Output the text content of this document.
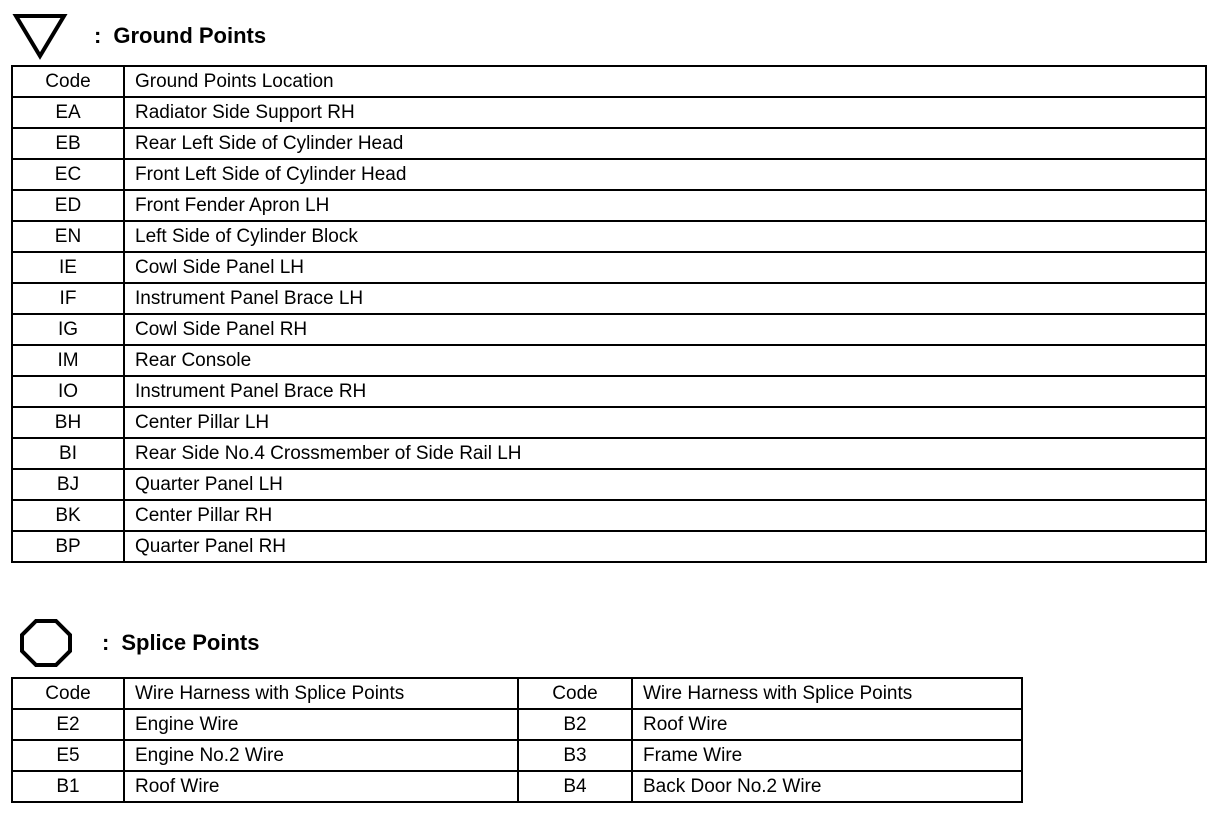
: Ground Points
Code	Ground Points Location
EA	Radiator Side Support RH
EB	Rear Left Side of Cylinder Head
EC	Front Left Side of Cylinder Head
ED	Front Fender Apron LH
EN	Left Side of Cylinder Block
IE	Cowl Side Panel LH
IF	Instrument Panel Brace LH
IG	Cowl Side Panel RH
IM	Rear Console
IO	Instrument Panel Brace RH
BH	Center Pillar LH
BI	Rear Side No.4 Crossmember of Side Rail LH
BJ	Quarter Panel LH
BK	Center Pillar RH
BP	Quarter Panel RH
: Splice Points
Code	Wire Harness with Splice Points	Code	Wire Harness with Splice Points
E2	Engine Wire	B2	Roof Wire
E5	Engine No.2 Wire	B3	Frame Wire
B1	Roof Wire	B4	Back Door No.2 Wire
